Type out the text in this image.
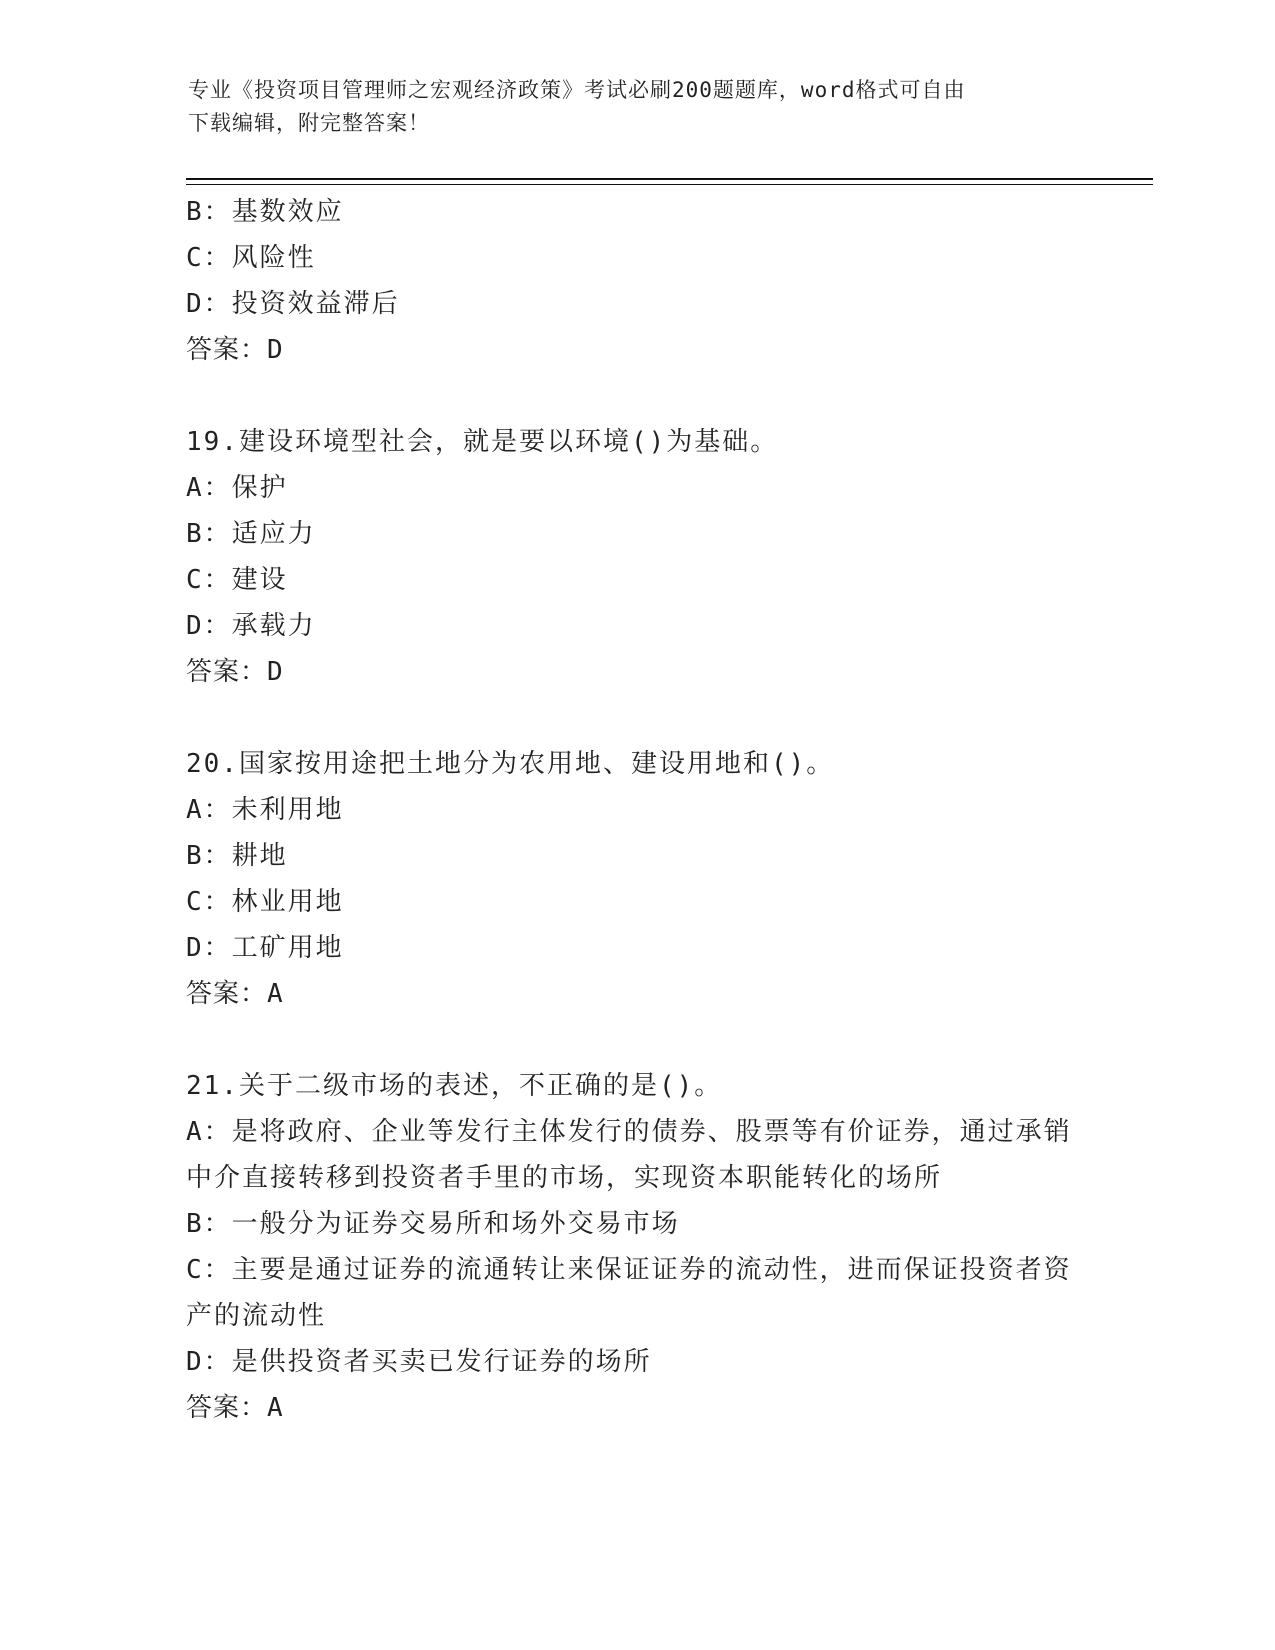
专业《投资项目管理师之宏观经济政策》考试必刷200题题库，word格式可自由
下载编辑，附完整答案！
B：基数效应
C：风险性
D：投资效益滞后
答案：D
19.建设环境型社会，就是要以环境()为基础。
A：保护
B：适应力
C：建设
D：承载力
答案：D
20.国家按用途把土地分为农用地、建设用地和()。
A：未利用地
B：耕地
C：林业用地
D：工矿用地
答案：A
21.关于二级市场的表述，不正确的是()。
A：是将政府、企业等发行主体发行的债券、股票等有价证券，通过承销中介直接转移到投资者手里的市场，实现资本职能转化的场所
B：一般分为证券交易所和场外交易市场
C：主要是通过证券的流通转让来保证证券的流动性，进而保证投资者资产的流动性
D：是供投资者买卖已发行证券的场所
答案：A
